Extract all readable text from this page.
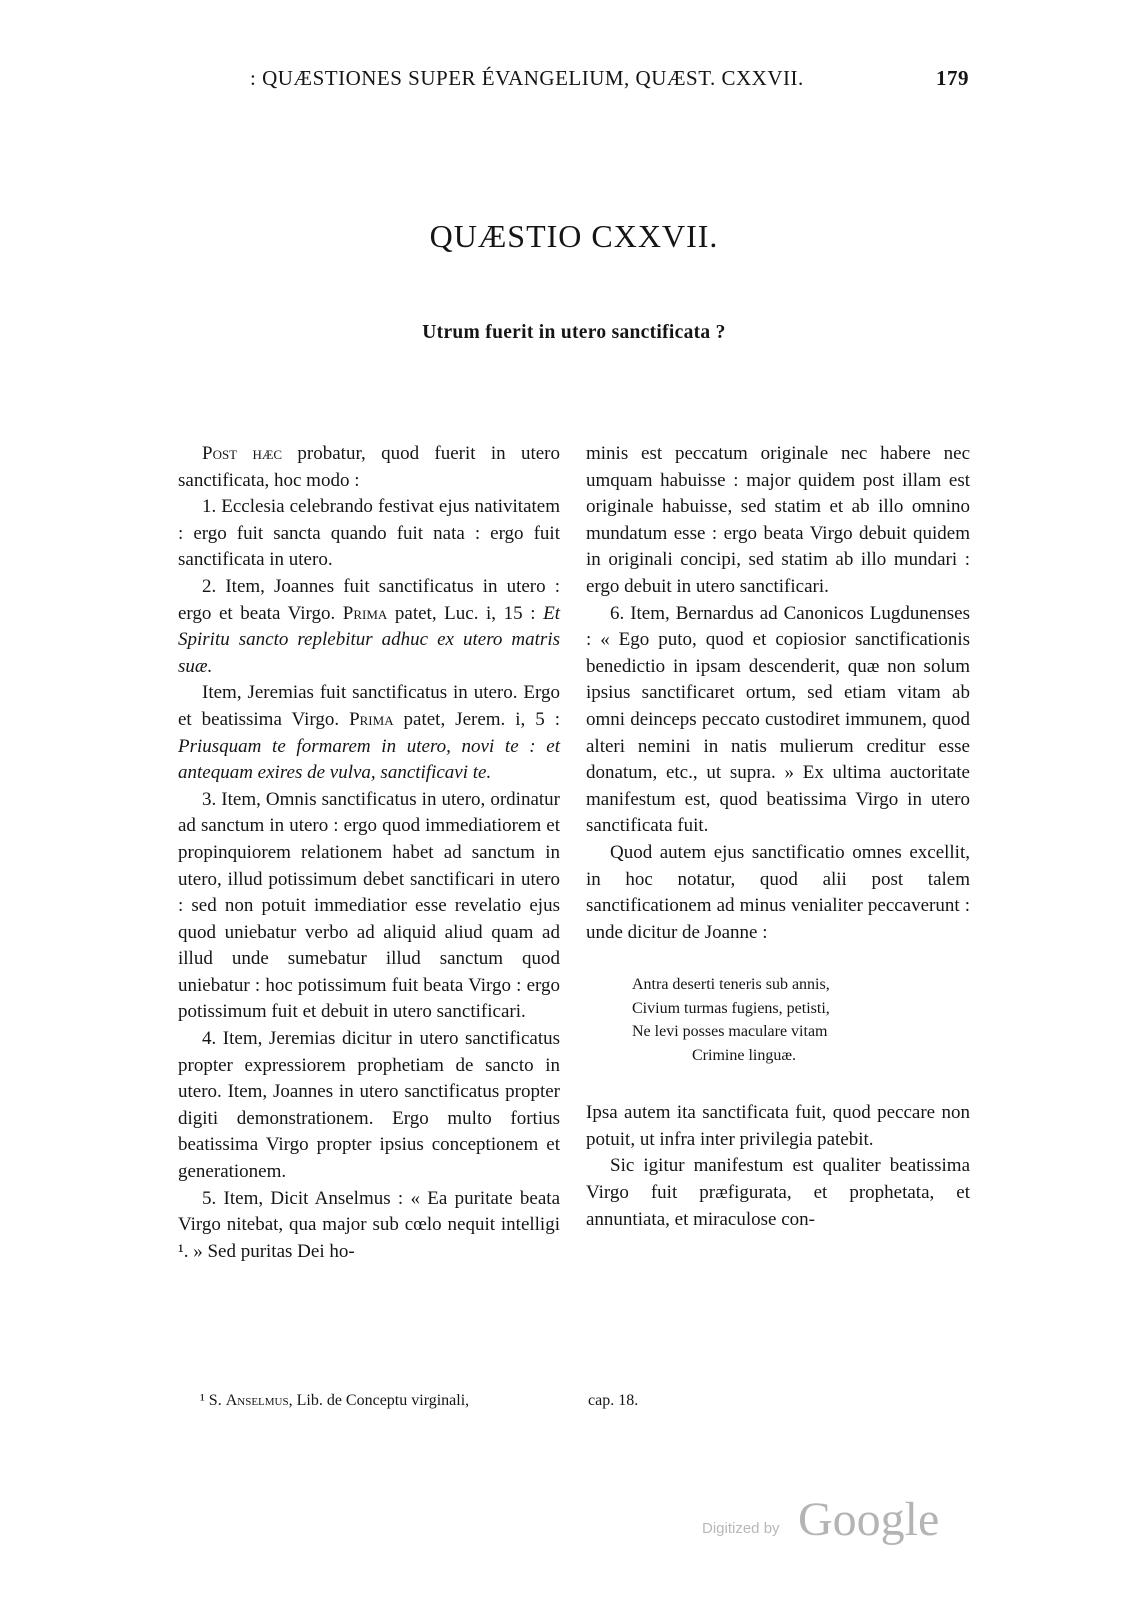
: QUÆSTIONES SUPER ÉVANGELIUM, QUÆST. CXXVII.	179
QUÆSTIO CXXVII.
Utrum fuerit in utero sanctificata ?

Post hæc probatur, quod fuerit in utero sanctificata, hoc modo :

1. Ecclesia celebrando festivat ejus nativitatem : ergo fuit sancta quando fuit nata : ergo fuit sanctificata in utero.

2. Item, Joannes fuit sanctificatus in utero : ergo et beata Virgo. Prima patet, Luc. i, 15 : Et Spiritu sancto replebitur adhuc ex utero matris suæ.

Item, Jeremias fuit sanctificatus in utero. Ergo et beatissima Virgo. Prima patet, Jerem. i, 5 : Priusquam te formarem in utero, novi te : et antequam exires de vulva, sanctificavi te.

3. Item, Omnis sanctificatus in utero, ordinatur ad sanctum in utero : ergo quod immediatiorem et propinquiorem relationem habet ad sanctum in utero, illud potissimum debet sanctificari in utero : sed non potuit immediatior esse revelatio ejus quod uniebatur verbo ad aliquid aliud quam ad illud unde sumebatur illud sanctum quod uniebatur : hoc potissimum fuit beata Virgo : ergo potissimum fuit et debuit in utero sanctificari.

4. Item, Jeremias dicitur in utero sanctificatus propter expressiorem prophetiam de sancto in utero. Item, Joannes in utero sanctificatus propter digiti demonstrationem. Ergo multo fortius beatissima Virgo propter ipsius conceptionem et generationem.

5. Item, Dicit Anselmus : « Ea puritate beata Virgo nitebat, qua major sub cœlo nequit intelligi ¹. » Sed puritas Dei ho-

minis est peccatum originale nec habere nec umquam habuisse : major quidem post illam est originale habuisse, sed statim et ab illo omnino mundatum esse : ergo beata Virgo debuit quidem in originali concipi, sed statim ab illo mundari : ergo debuit in utero sanctificari.

6. Item, Bernardus ad Canonicos Lugdunenses : « Ego puto, quod et copiosior sanctificationis benedictio in ipsam descenderit, quæ non solum ipsius sanctificaret ortum, sed etiam vitam ab omni deinceps peccato custodiret immunem, quod alteri nemini in natis mulierum creditur esse donatum, etc., ut supra. » Ex ultima auctoritate manifestum est, quod beatissima Virgo in utero sanctificata fuit.

Quod autem ejus sanctificatio omnes excellit, in hoc notatur, quod alii post talem sanctificationem ad minus venialiter peccaverunt : unde dicitur de Joanne :

Antra deserti teneris sub annis,
Civium turmas fugiens, petisti,
Ne levi posses maculare vitam
Crimine linguæ.

Ipsa autem ita sanctificata fuit, quod peccare non potuit, ut infra inter privilegia patebit.

Sic igitur manifestum est qualiter beatissima Virgo fuit præfigurata, et prophetata, et annuntiata, et miraculose con-

¹ S. Anselmus, Lib. de Conceptu virginali,	cap. 18.
Digitized by Google
